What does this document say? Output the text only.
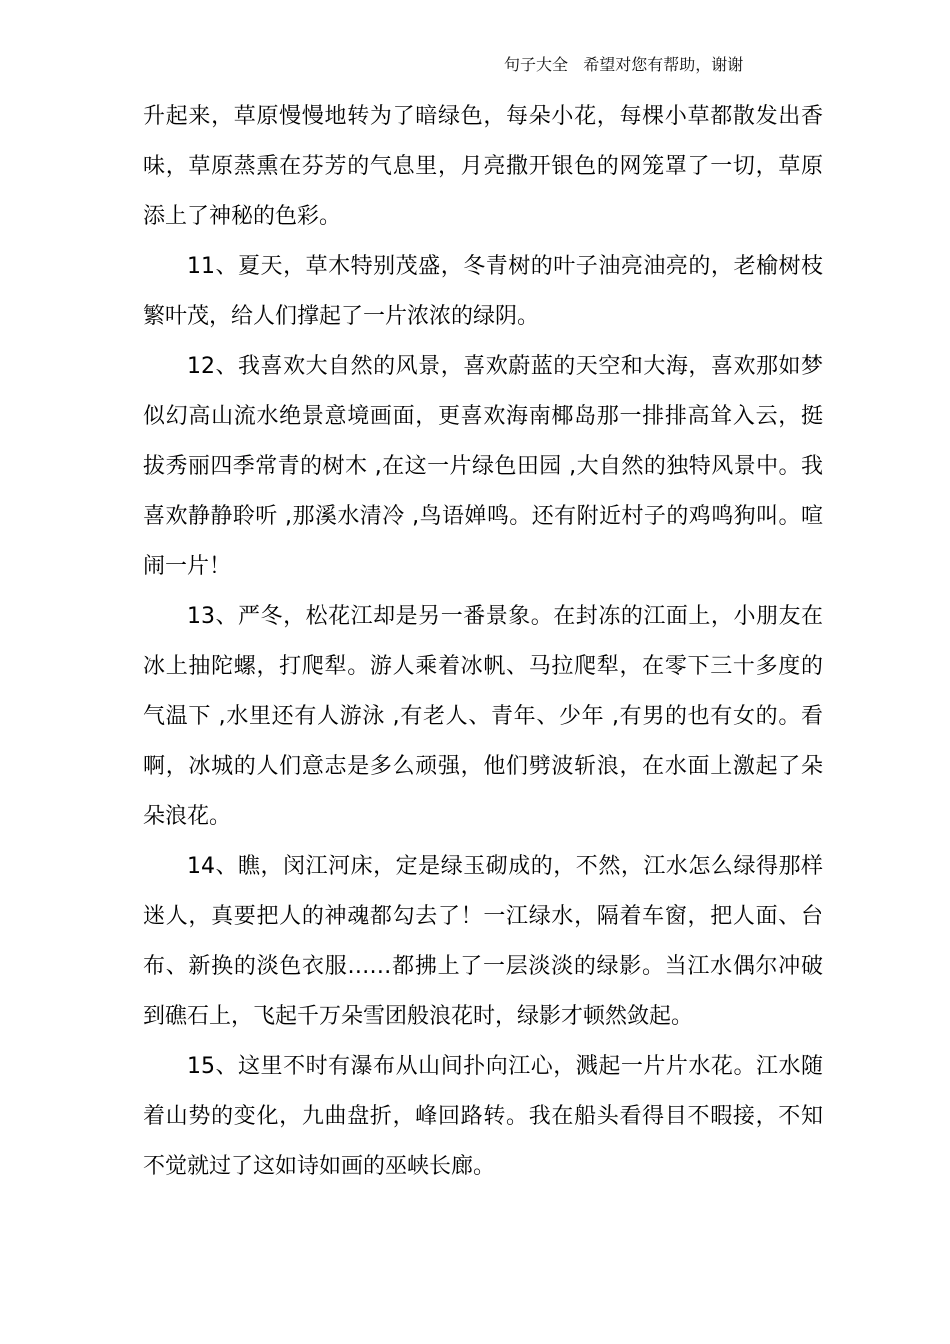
句子大全   希望对您有帮助，谢谢

升起来，草原慢慢地转为了暗绿色，每朵小花，每棵小草都散发出香味，草原蒸熏在芬芳的气息里，月亮撒开银色的网笼罩了一切，草原添上了神秘的色彩。

11、夏天，草木特别茂盛，冬青树的叶子油亮油亮的，老榆树枝繁叶茂，给人们撑起了一片浓浓的绿阴。

12、我喜欢大自然的风景，喜欢蔚蓝的天空和大海，喜欢那如梦似幻高山流水绝景意境画面，更喜欢海南椰岛那一排排高耸入云，挺拔秀丽四季常青的树木 ,在这一片绿色田园 ,大自然的独特风景中。我喜欢静静聆听 ,那溪水清冷 ,鸟语婵鸣。还有附近村子的鸡鸣狗叫。喧闹一片！

13、严冬，松花江却是另一番景象。在封冻的江面上，小朋友在冰上抽陀螺，打爬犁。游人乘着冰帆、马拉爬犁，在零下三十多度的气温下 ,水里还有人游泳 ,有老人、青年、少年 ,有男的也有女的。看啊，冰城的人们意志是多么顽强，他们劈波斩浪，在水面上激起了朵朵浪花。

14、瞧，闵江河床，定是绿玉砌成的，不然，江水怎么绿得那样迷人，真要把人的神魂都勾去了！一江绿水，隔着车窗，把人面、台布、新换的淡色衣服……都拂上了一层淡淡的绿影。当江水偶尔冲破到礁石上，飞起千万朵雪团般浪花时，绿影才顿然敛起。

15、这里不时有瀑布从山间扑向江心，溅起一片片水花。江水随着山势的变化，九曲盘折，峰回路转。我在船头看得目不暇接，不知不觉就过了这如诗如画的巫峡长廊。
